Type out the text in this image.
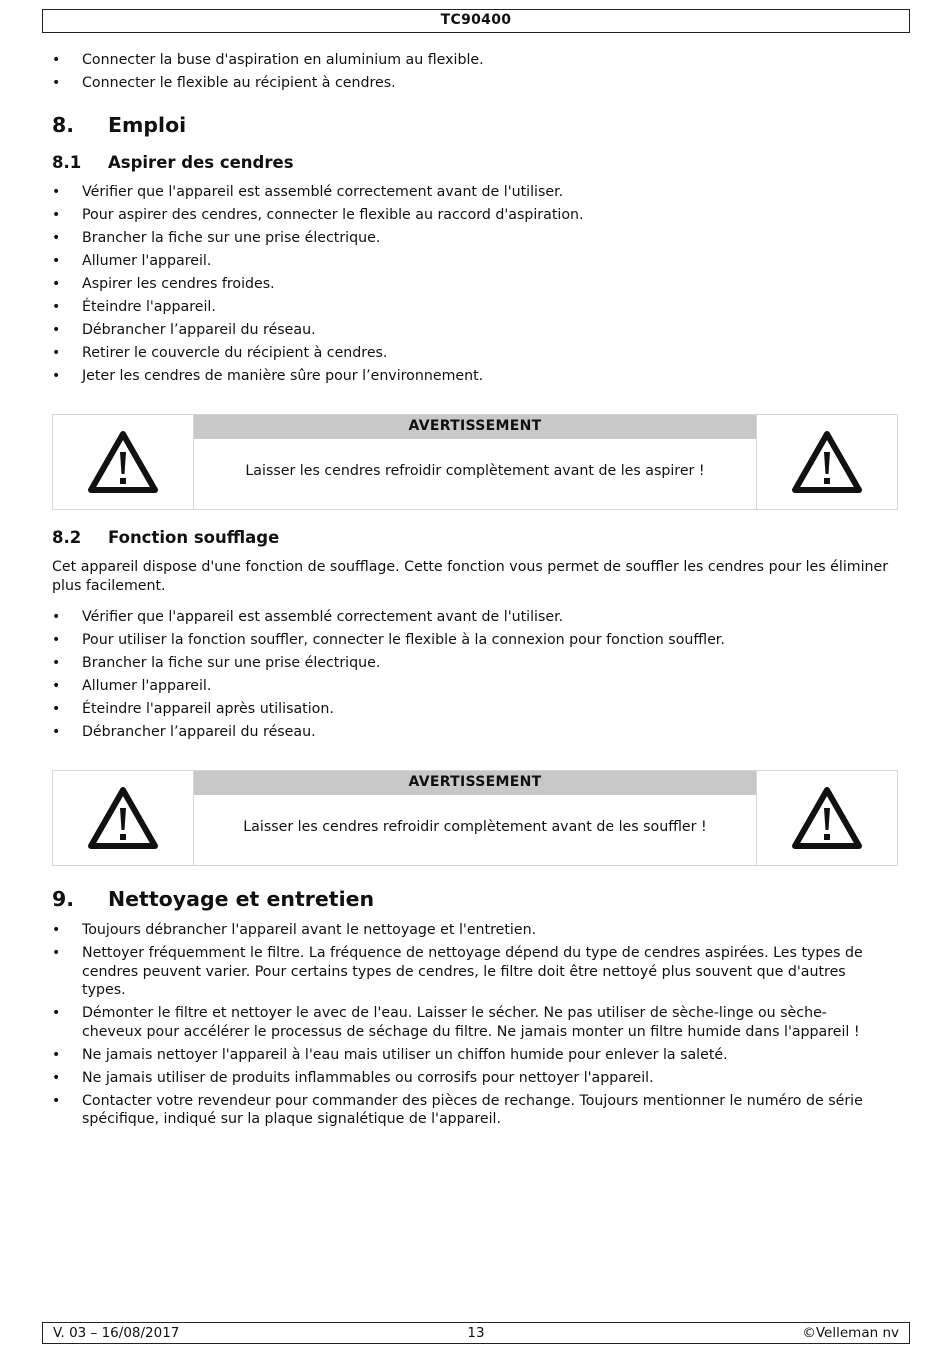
TC90400
• Connecter la buse d'aspiration en aluminium au flexible.
• Connecter le flexible au récipient à cendres.
8. Emploi
8.1 Aspirer des cendres
• Vérifier que l'appareil est assemblé correctement avant de l'utiliser.
• Pour aspirer des cendres, connecter le flexible au raccord d'aspiration.
• Brancher la fiche sur une prise électrique.
• Allumer l'appareil.
• Aspirer les cendres froides.
• Éteindre l'appareil.
• Débrancher l’appareil du réseau.
• Retirer le couvercle du récipient à cendres.
• Jeter les cendres de manière sûre pour l’environnement.
AVERTISSEMENT
Laisser les cendres refroidir complètement avant de les aspirer !
8.2 Fonction soufflage
Cet appareil dispose d'une fonction de soufflage. Cette fonction vous permet de souffler les cendres pour les éliminer plus facilement.
• Vérifier que l'appareil est assemblé correctement avant de l'utiliser.
• Pour utiliser la fonction souffler, connecter le flexible à la connexion pour fonction souffler.
• Brancher la fiche sur une prise électrique.
• Allumer l'appareil.
• Éteindre l'appareil après utilisation.
• Débrancher l’appareil du réseau.
AVERTISSEMENT
Laisser les cendres refroidir complètement avant de les souffler !
9. Nettoyage et entretien
• Toujours débrancher l'appareil avant le nettoyage et l'entretien.
• Nettoyer fréquemment le filtre. La fréquence de nettoyage dépend du type de cendres aspirées. Les types de cendres peuvent varier. Pour certains types de cendres, le filtre doit être nettoyé plus souvent que d'autres types.
• Démonter le filtre et nettoyer le avec de l'eau. Laisser le sécher. Ne pas utiliser de sèche-linge ou sèche-cheveux pour accélérer le processus de séchage du filtre. Ne jamais monter un filtre humide dans l'appareil !
• Ne jamais nettoyer l'appareil à l'eau mais utiliser un chiffon humide pour enlever la saleté.
• Ne jamais utiliser de produits inflammables ou corrosifs pour nettoyer l'appareil.
• Contacter votre revendeur pour commander des pièces de rechange. Toujours mentionner le numéro de série spécifique, indiqué sur la plaque signalétique de l'appareil.
V. 03 – 16/08/2017	13	©Velleman nv
